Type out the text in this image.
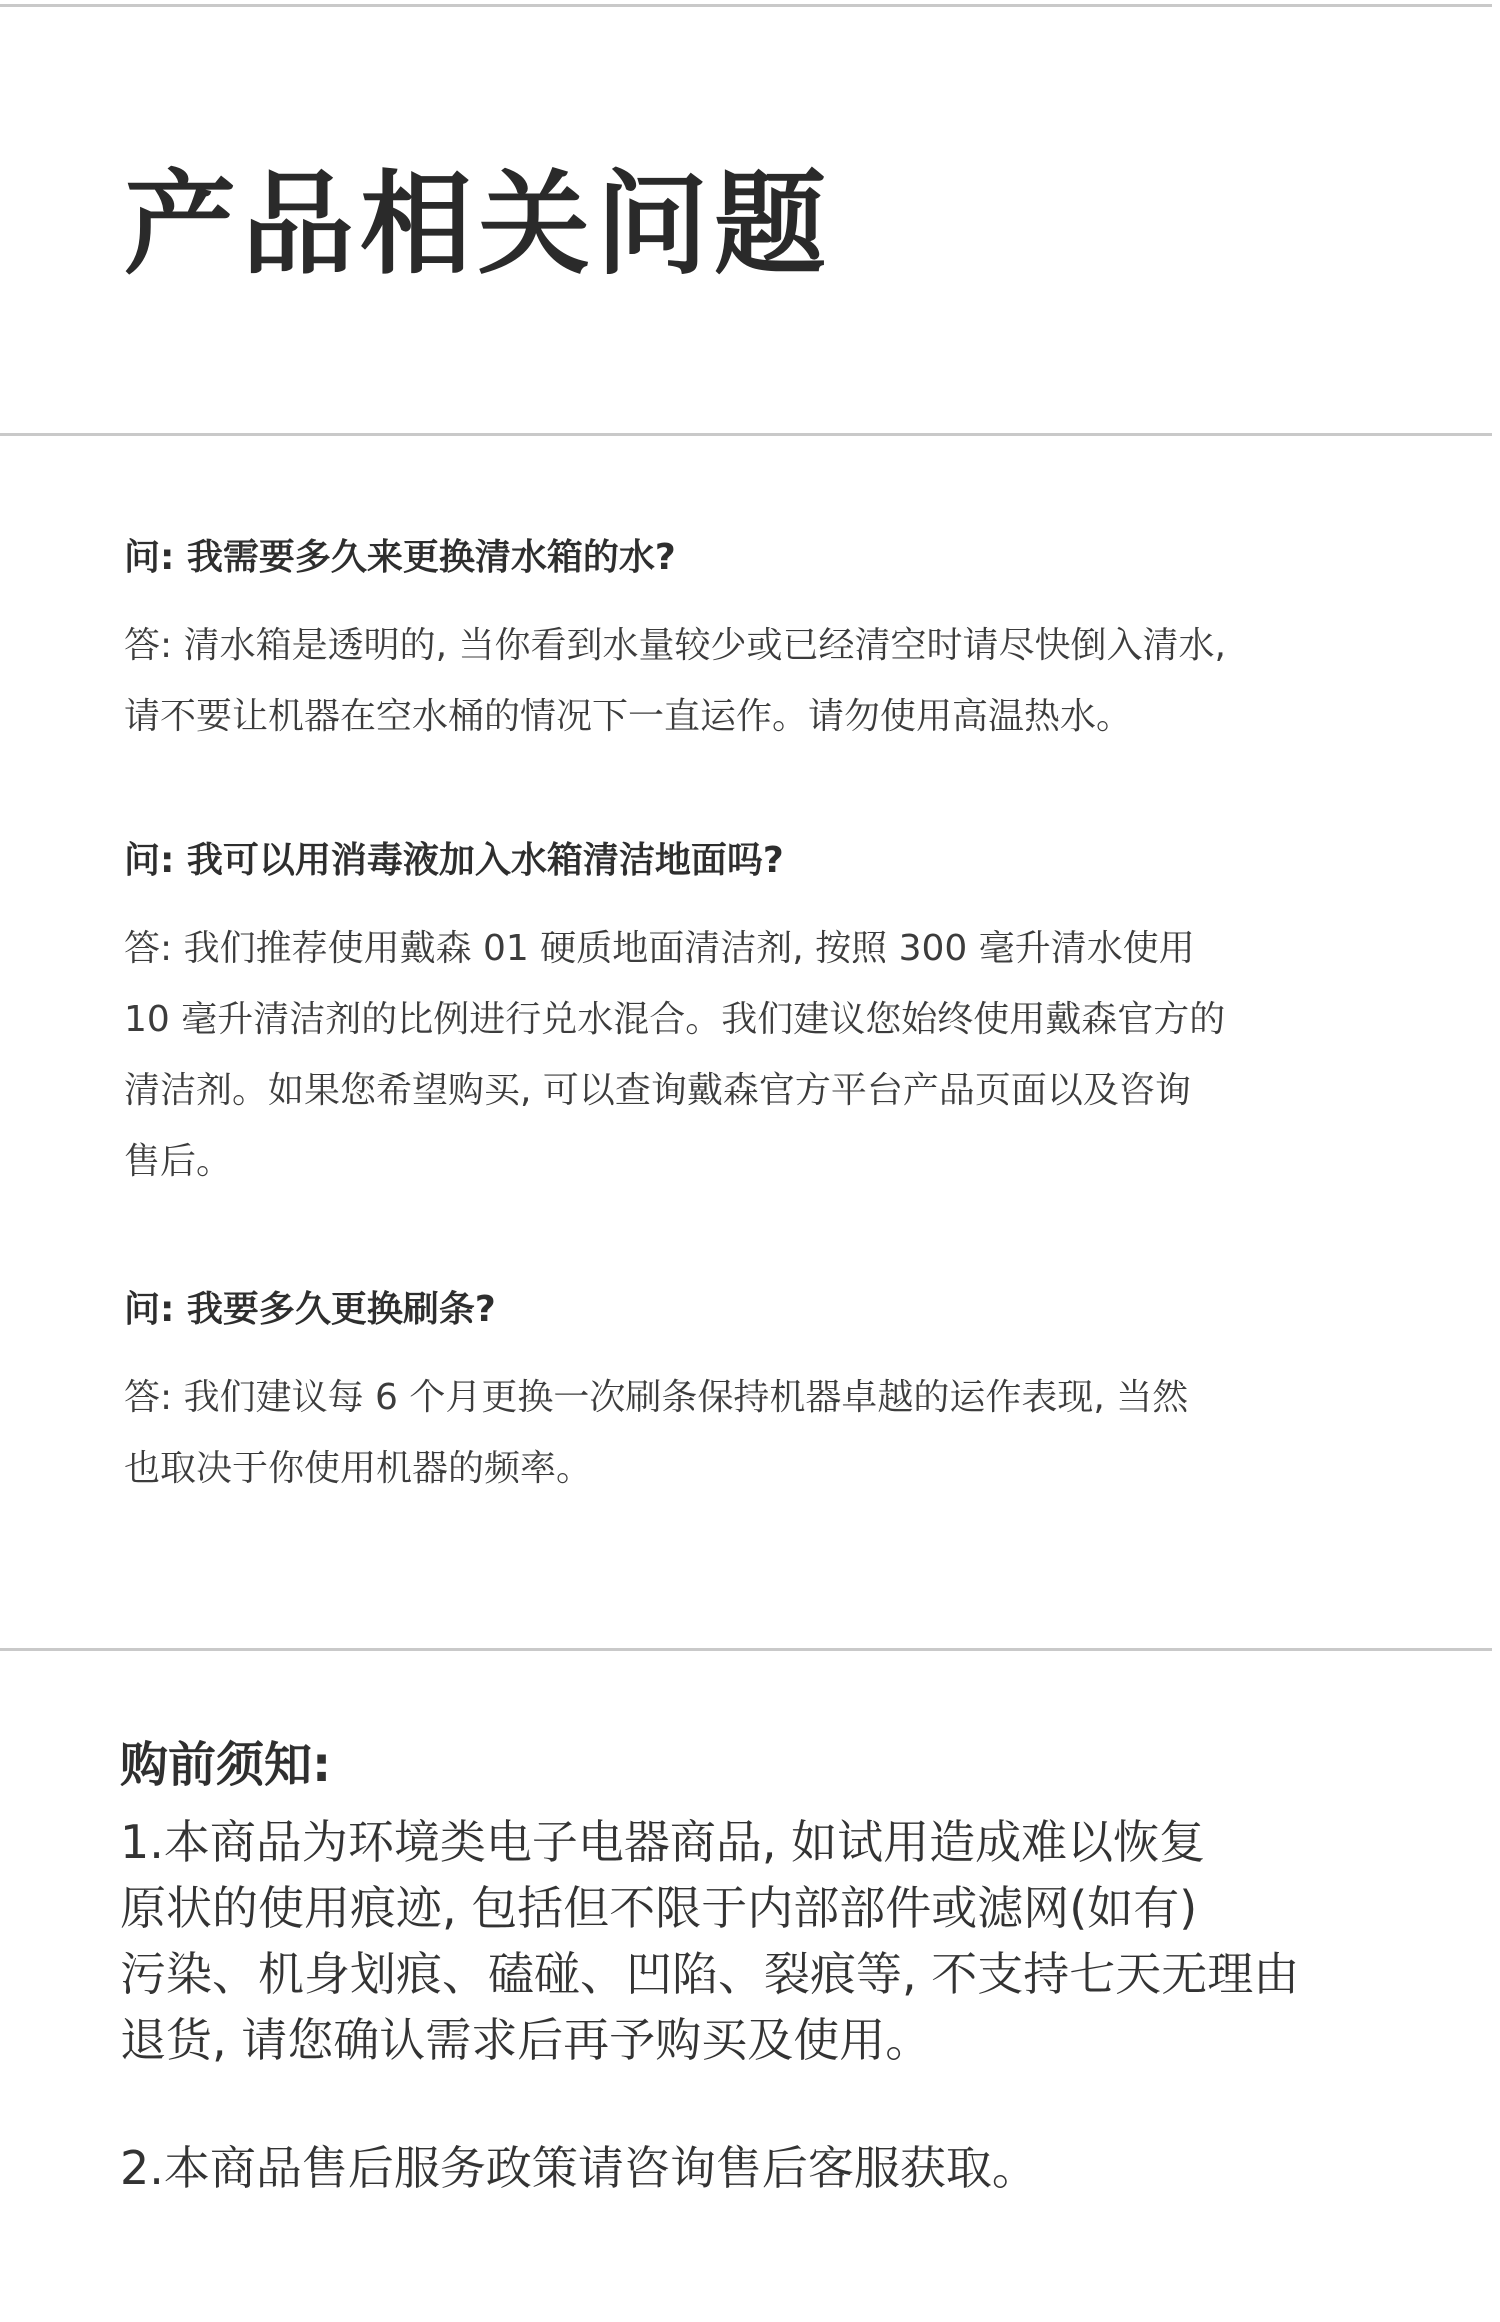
产品相关问题

问: 我需要多久来更换清水箱的水?

答: 清水箱是透明的, 当你看到水量较少或已经清空时请尽快倒入清水,
请不要让机器在空水桶的情况下一直运作。请勿使用高温热水。

问: 我可以用消毒液加入水箱清洁地面吗?

答: 我们推荐使用戴森 01 硬质地面清洁剂, 按照 300 毫升清水使用
10 毫升清洁剂的比例进行兑水混合。我们建议您始终使用戴森官方的
清洁剂。如果您希望购买, 可以查询戴森官方平台产品页面以及咨询
售后。

问: 我要多久更换刷条?

答: 我们建议每 6 个月更换一次刷条保持机器卓越的运作表现, 当然
也取决于你使用机器的频率。

购前须知:

1.本商品为环境类电子电器商品, 如试用造成难以恢复
原状的使用痕迹, 包括但不限于内部部件或滤网(如有)
污染、机身划痕、磕碰、凹陷、裂痕等, 不支持七天无理由
退货, 请您确认需求后再予购买及使用。

2.本商品售后服务政策请咨询售后客服获取。
